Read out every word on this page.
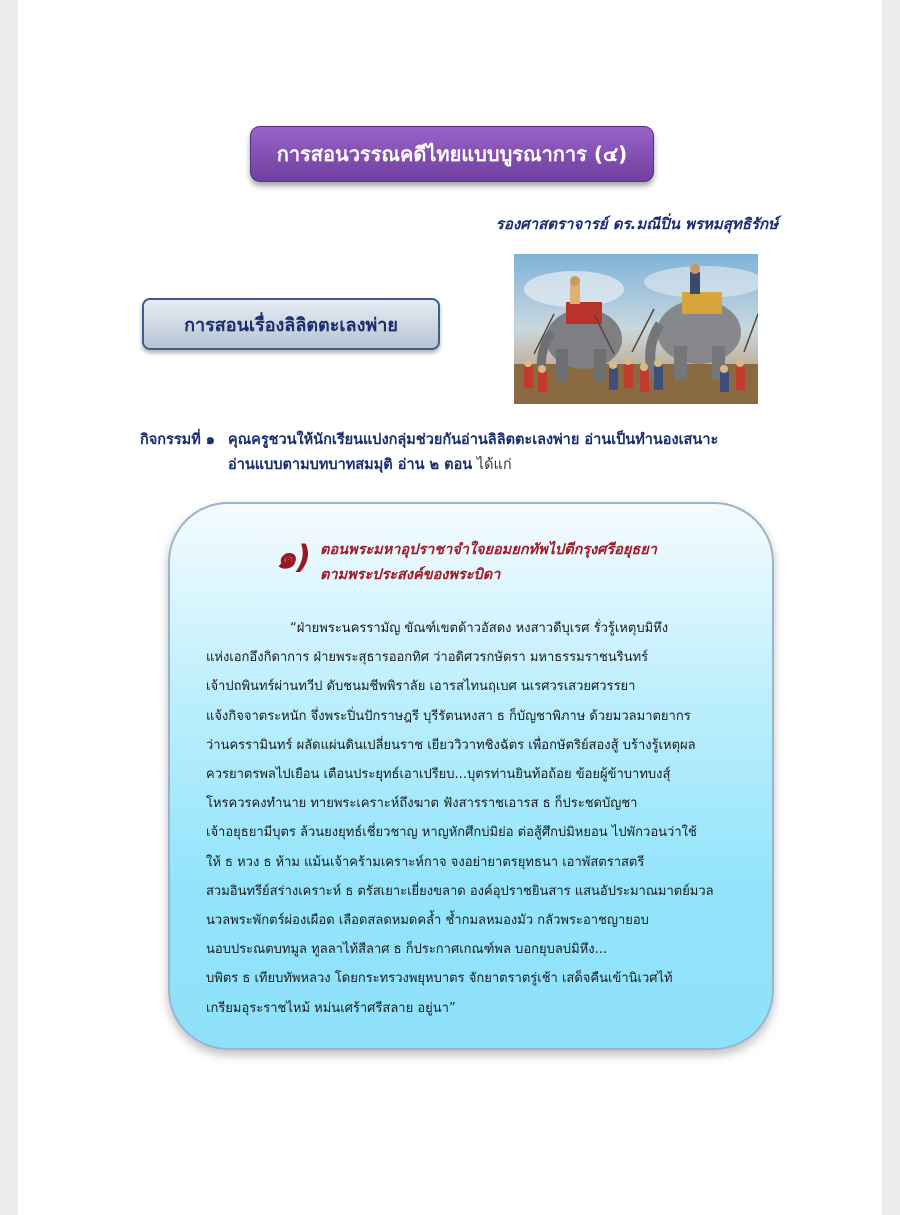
การสอนวรรณคดีไทยแบบบูรณาการ (๔)
รองศาสตราจารย์ ดร.มณีปิ่น พรหมสุทธิรักษ์
การสอนเรื่องลิลิตตะเลงพ่าย
กิจกรรมที่ ๑ คุณครูชวนให้นักเรียนแบ่งกลุ่มช่วยกันอ่านลิลิตตะเลงพ่าย อ่านเป็นทำนองเสนาะ
อ่านแบบตามบทบาทสมมุติ อ่าน ๒ ตอน ได้แก่
๑) ตอนพระมหาอุปราชาจำใจยอมยกทัพไปตีกรุงศรีอยุธยา
ตามพระประสงค์ของพระบิดา
“ฝ่ายพระนครรามัญ ขัณฑ์เขตด้าวอัสดง หงสาวดีบุเรศ รั่วรู้เหตุบมิหึง
แห่งเอกอึงกิดาการ ฝ่ายพระสุธารออกทิศ ว่าอดิศวรกษัตรา มหาธรรมราชนรินทร์
เจ้าปถพินทร์ผ่านทวีป ดับชนมชีพพิราลัย เอารสไทนฤเบศ นเรศวรเสวยศวรรยา
แจ้งกิจจาตระหนัก จึ่งพระปิ่นปักราษฎรี บุรีรัตนหงสา ธ ก็บัญชาพิภาษ ด้วยมวลมาตยากร
ว่านครรามินทร์ ผลัดแผ่นดินเปลี่ยนราช เยียววิวาทชิงฉัตร เพื่อกษัตริย์สองสู้ บร้างรู้เหตุผล
ควรยาตรพลไปเยือน เตือนประยุทธ์เอาเปรียบ...บุตรท่านยินท้อถ้อย ข้อยผู้ข้าบาทบงสุ์
โหรควรคงทำนาย ทายพระเคราะห์ถึงฆาต ฟังสารราชเอารส ธ ก็ประชดบัญชา
เจ้าอยุธยามีบุตร ล้วนยงยุทธ์เชี่ยวชาญ หาญหักศึกบ่มิย่อ ต่อสู้ศึกบ่มิหยอน ไปพักวอนว่าใช้
ให้ ธ หวง ธ ห้าม แม้นเจ้าคร้ามเคราะห์กาจ จงอย่ายาตรยุทธนา เอาพัสตราสตรี
สวมอินทรีย์สร่างเคราะห์ ธ ตรัสเยาะเยี่ยงขลาด องค์อุปราชยินสาร แสนอัประมาณมาตย์มวล
นวลพระพักตร์ผ่องเผือด เลือดสลดหมดคลํ้า ช้ำกมลหมองมัว กลัวพระอาชญายอบ
นอบประณตบทมูล ทูลลาไท้สีลาศ ธ ก็ประกาศเกณฑ์พล บอกยุบลบ่มิหึง...
บพิตร ธ เทียบทัพหลวง โดยกระทรวงพยุหบาตร จักยาตราตรู่เช้า เสด็จคืนเข้านิเวศไท้
เกรียมอุระราชไหม้ หม่นเศร้าศรีสลาย อยู่นา”
